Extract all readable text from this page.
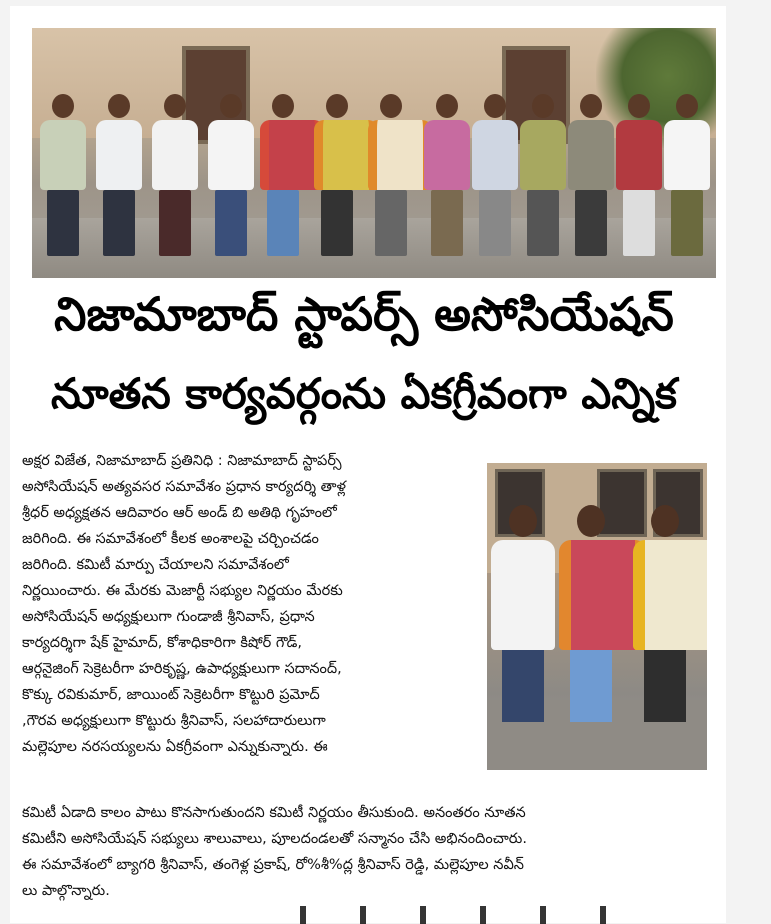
నిజామాబాద్ స్టాపర్స్ అసోసియేషన్
నూతన కార్యవర్గంను ఏకగ్రీవంగా ఎన్నిక
అక్షర విజేత, నిజామాబాద్ ప్రతినిధి : నిజామాబాద్ స్టాపర్స్
అసోసియేషన్ అత్యవసర సమావేశం ప్రధాన కార్యదర్శి తాళ్ల
శ్రీధర్ అధ్యక్షతన ఆదివారం ఆర్ అండ్ బి అతిథి గృహంలో
జరిగింది. ఈ సమావేశంలో కీలక అంశాలపై చర్చించడం
జరిగింది. కమిటీ మార్పు చేయాలని సమావేశంలో
నిర్ణయించారు. ఈ మేరకు మెజార్టీ సభ్యుల నిర్ణయం మేరకు
అసోసియేషన్ అధ్యక్షులుగా గుండాజీ శ్రీనివాస్, ప్రధాన
కార్యదర్శిగా షేక్ హైమాద్, కోశాధికారిగా కిషోర్ గౌడ్,
ఆర్గనైజింగ్ సెక్రెటరీగా హరికృష్ణ, ఉపాధ్యక్షులుగా సదానంద్,
కొక్కు రవికుమార్, జాయింట్ సెక్రెటరీగా కొట్టురి ప్రమోద్
,గౌరవ అధ్యక్షులుగా కొట్టురు శ్రీనివాస్, సలహాదారులుగా
మల్లెపూల నరసయ్యలను ఏకగ్రీవంగా ఎన్నుకున్నారు. ఈ
కమిటీ ఏడాది కాలం పాటు కొనసాగుతుందని కమిటీ నిర్ణయం తీసుకుంది. అనంతరం నూతన
కమిటీని అసోసియేషన్ సభ్యులు శాలువాలు, పూలదండలతో సన్మానం చేసి అభినందించారు.
ఈ సమావేశంలో బ్యాగరి శ్రీనివాస్, తంగెళ్ల ప్రకాష్, రో%శీ%ద్ల శ్రీనివాస్ రెడ్డి, మల్లెపూల నవీన్
లు పాల్గొన్నారు.
